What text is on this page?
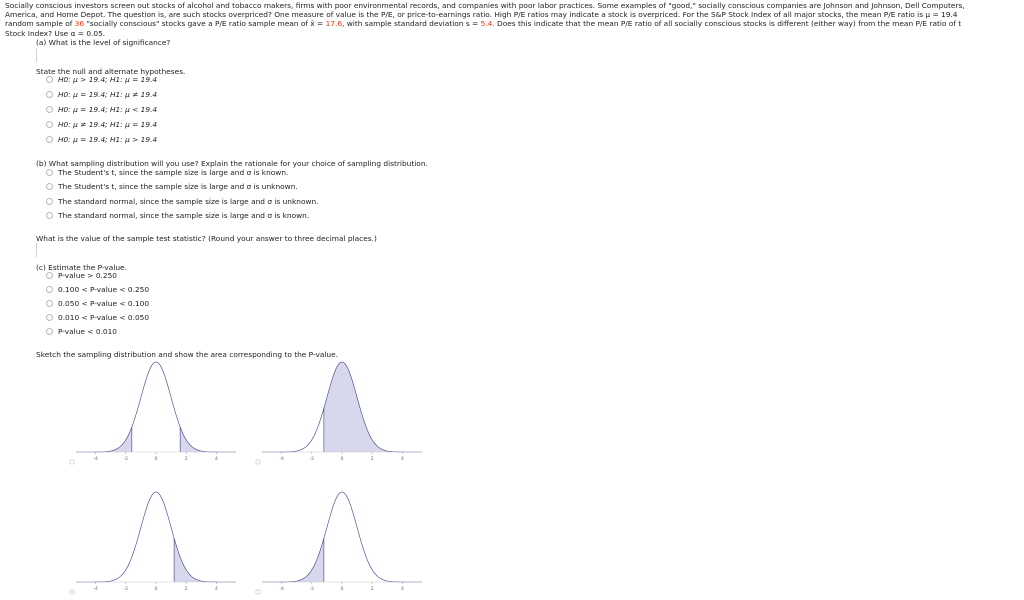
Socially conscious investors screen out stocks of alcohol and tobacco makers, firms with poor environmental records, and companies with poor labor practices. Some examples of "good," socially conscious companies are Johnson and Johnson, Dell Computers,
America, and Home Depot. The question is, are such stocks overpriced? One measure of value is the P/E, or price-to-earnings ratio. High P/E ratios may indicate a stock is overpriced. For the S&P Stock Index of all major stocks, the mean P/E ratio is μ = 19.4
random sample of 36 "socially conscious" stocks gave a P/E ratio sample mean of x̄ = 17.6, with sample standard deviation s = 5.4. Does this indicate that the mean P/E ratio of all socially conscious stocks is different (either way) from the mean P/E ratio of t
Stock Index? Use α = 0.05.
(a) What is the level of significance?
State the null and alternate hypotheses.
H0: μ > 19.4; H1: μ = 19.4
H0: μ = 19.4; H1: μ ≠ 19.4
H0: μ = 19.4; H1: μ < 19.4
H0: μ ≠ 19.4; H1: μ = 19.4
H0: μ = 19.4; H1: μ > 19.4
(b) What sampling distribution will you use? Explain the rationale for your choice of sampling distribution.
The Student's t, since the sample size is large and σ is known.
The Student's t, since the sample size is large and σ is unknown.
The standard normal, since the sample size is large and σ is unknown.
The standard normal, since the sample size is large and σ is known.
What is the value of the sample test statistic? (Round your answer to three decimal places.)
(c) Estimate the P-value.
P-value > 0.250
0.100 < P-value < 0.250
0.050 < P-value < 0.100
0.010 < P-value < 0.050
P-value < 0.010
Sketch the sampling distribution and show the area corresponding to the P-value.
-4	-2	0	2	4	-4	-2	0	2	4
-4	-2	0	2	4	-4	-2	0	2	4
